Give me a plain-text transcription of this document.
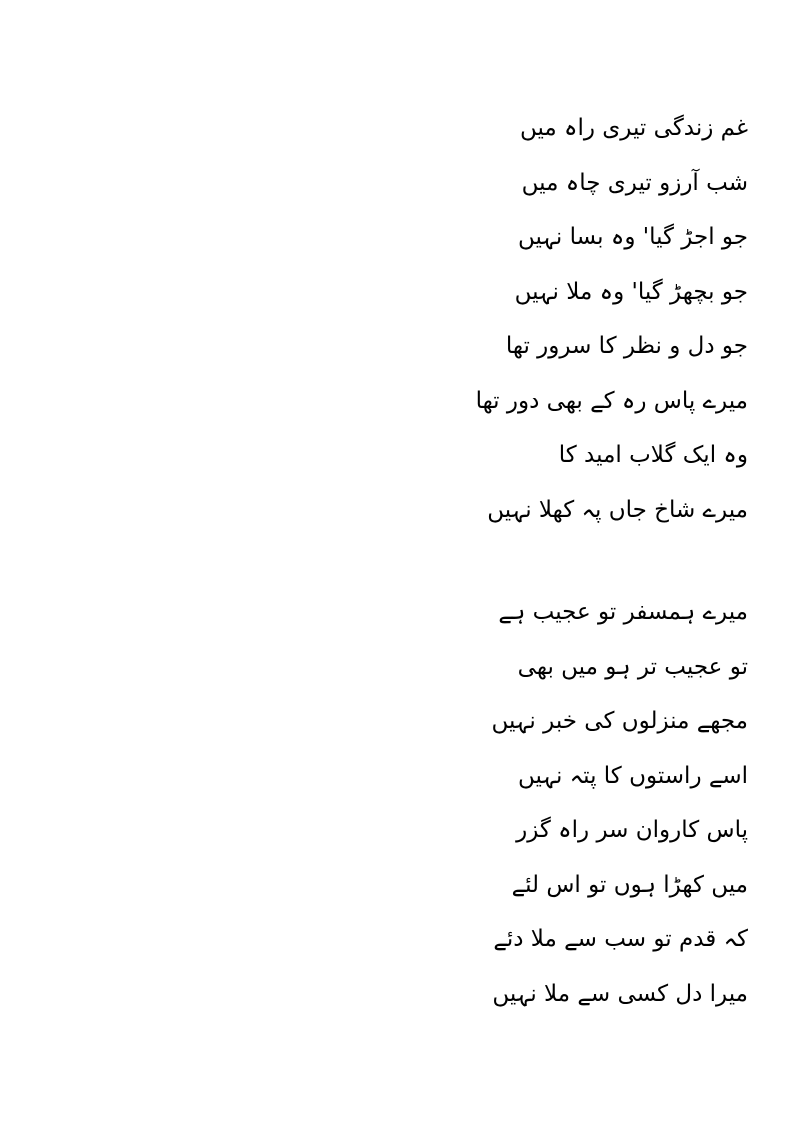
غم زندگی تیری راہ میں
شب آرزو تیری چاہ میں
جو اجڑ گیا' وہ بسا نہیں
جو بچھڑ گیا' وہ ملا نہیں
جو دل و نظر کا سرور تھا
میرے پاس رہ کے بھی دور تھا
وہ ایک گلاب امید کا
میرے شاخ جاں پہ کھلا نہیں
میرے ہمسفر تو عجیب ہے
تو عجیب تر ہو میں بھی
مجھے منزلوں کی خبر نہیں
اسے راستوں کا پتہ نہیں
پاس کاروان سر راہ گزر
میں کھڑا ہوں تو اس لئے
کہ قدم تو سب سے ملا دئے
میرا دل کسی سے ملا نہیں
